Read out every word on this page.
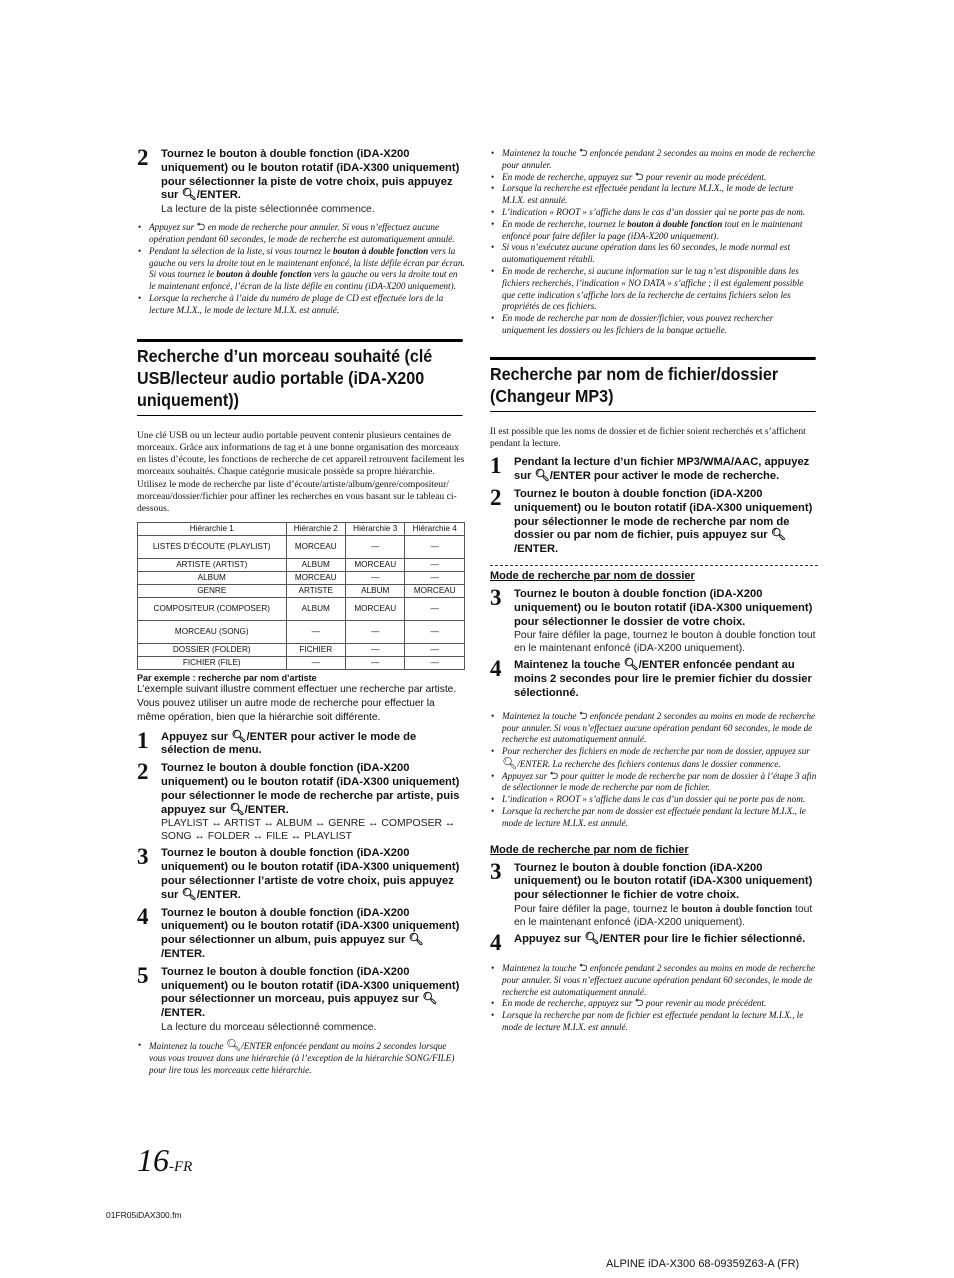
2	Tournez le bouton à double fonction (iDA-X200 uniquement) ou le bouton rotatif (iDA-X300 uniquement) pour sélectionner la piste de votre choix, puis appuyez sur 🔍︎/ENTER.
La lecture de la piste sélectionnée commence.
• Appuyez sur ⮌ en mode de recherche pour annuler. Si vous n’effectuez aucune opération pendant 60 secondes, le mode de recherche est automatiquement annulé.
• Pendant la sélection de la liste, si vous tournez le bouton à double fonction vers la gauche ou vers la droite tout en le maintenant enfoncé, la liste défile écran par écran. Si vous tournez le bouton à double fonction vers la gauche ou vers la droite tout en le maintenant enfoncé, l’écran de la liste défile en continu (iDA-X200 uniquement).
• Lorsque la recherche à l’aide du numéro de plage de CD est effectuée lors de la lecture M.I.X., le mode de lecture M.I.X. est annulé.
Recherche d’un morceau souhaité (clé USB/lecteur audio portable (iDA-X200 uniquement))
Une clé USB ou un lecteur audio portable peuvent contenir plusieurs centaines de morceaux. Grâce aux informations de tag et à une bonne organisation des morceaux en listes d’écoute, les fonctions de recherche de cet appareil retrouvent facilement les morceaux souhaités. Chaque catégorie musicale possède sa propre hiérarchie. Utilisez le mode de recherche par liste d’écoute/artiste/album/genre/compositeur/ morceau/dossier/fichier pour affiner les recherches en vous basant sur le tableau ci-dessous.
Hiérarchie 1	Hiérarchie 2	Hiérarchie 3	Hiérarchie 4
LISTES D’ÉCOUTE (PLAYLIST)	MORCEAU	—	—
ARTISTE (ARTIST)	ALBUM	MORCEAU	—
ALBUM	MORCEAU	—	—
GENRE	ARTISTE	ALBUM	MORCEAU
COMPOSITEUR (COMPOSER)	ALBUM	MORCEAU	—
MORCEAU (SONG)	—	—	—
DOSSIER (FOLDER)	FICHIER	—	—
FICHIER (FILE)	—	—	—
Par exemple : recherche par nom d’artiste
L’exemple suivant illustre comment effectuer une recherche par artiste. Vous pouvez utiliser un autre mode de recherche pour effectuer la même opération, bien que la hiérarchie soit différente.
1	Appuyez sur 🔍︎/ENTER pour activer le mode de sélection de menu.
2	Tournez le bouton à double fonction (iDA-X200 uniquement) ou le bouton rotatif (iDA-X300 uniquement) pour sélectionner le mode de recherche par artiste, puis appuyez sur 🔍︎/ENTER.
PLAYLIST ↔ ARTIST ↔ ALBUM ↔ GENRE ↔ COMPOSER ↔ SONG ↔ FOLDER ↔ FILE ↔ PLAYLIST
3	Tournez le bouton à double fonction (iDA-X200 uniquement) ou le bouton rotatif (iDA-X300 uniquement) pour sélectionner l’artiste de votre choix, puis appuyez sur 🔍︎/ENTER.
4	Tournez le bouton à double fonction (iDA-X200 uniquement) ou le bouton rotatif (iDA-X300 uniquement) pour sélectionner un album, puis appuyez sur 🔍︎/ENTER.
5	Tournez le bouton à double fonction (iDA-X200 uniquement) ou le bouton rotatif (iDA-X300 uniquement) pour sélectionner un morceau, puis appuyez sur 🔍︎/ENTER.
La lecture du morceau sélectionné commence.
• Maintenez la touche 🔍︎/ENTER enfoncée pendant au moins 2 secondes lorsque vous vous trouvez dans une hiérarchie (à l’exception de la hiérarchie SONG/FILE) pour lire tous les morceaux cette hiérarchie.
• Maintenez la touche ⮌ enfoncée pendant 2 secondes au moins en mode de recherche pour annuler.
• En mode de recherche, appuyez sur ⮌ pour revenir au mode précédent.
• Lorsque la recherche est effectuée pendant la lecture M.I.X., le mode de lecture M.I.X. est annulé.
• L’indication « ROOT » s’affiche dans le cas d’un dossier qui ne porte pas de nom.
• En mode de recherche, tournez le bouton à double fonction tout en le maintenant enfoncé pour faire défiler la page (iDA-X200 uniquement).
• Si vous n’exécutez aucune opération dans les 60 secondes, le mode normal est automatiquement rétabli.
• En mode de recherche, si aucune information sur le tag n’est disponible dans les fichiers recherchés, l’indication « NO DATA » s’affiche ; il est également possible que cette indication s’affiche lors de la recherche de certains fichiers selon les propriétés de ces fichiers.
• En mode de recherche par nom de dossier/fichier, vous pouvez rechercher uniquement les dossiers ou les fichiers de la banque actuelle.
Recherche par nom de fichier/dossier (Changeur MP3)
Il est possible que les noms de dossier et de fichier soient recherchés et s’affichent pendant la lecture.
1	Pendant la lecture d’un fichier MP3/WMA/AAC, appuyez sur 🔍︎/ENTER pour activer le mode de recherche.
2	Tournez le bouton à double fonction (iDA-X200 uniquement) ou le bouton rotatif (iDA-X300 uniquement) pour sélectionner le mode de recherche par nom de dossier ou par nom de fichier, puis appuyez sur 🔍︎/ENTER.
Mode de recherche par nom de dossier
3	Tournez le bouton à double fonction (iDA-X200 uniquement) ou le bouton rotatif (iDA-X300 uniquement) pour sélectionner le dossier de votre choix.
Pour faire défiler la page, tournez le bouton à double fonction tout en le maintenant enfoncé (iDA-X200 uniquement).
4	Maintenez la touche 🔍︎/ENTER enfoncée pendant au moins 2 secondes pour lire le premier fichier du dossier sélectionné.
• Maintenez la touche ⮌ enfoncée pendant 2 secondes au moins en mode de recherche pour annuler. Si vous n’effectuez aucune opération pendant 60 secondes, le mode de recherche est automatiquement annulé.
• Pour rechercher des fichiers en mode de recherche par nom de dossier, appuyez sur 🔍︎/ENTER. La recherche des fichiers contenus dans le dossier commence.
• Appuyez sur ⮌ pour quitter le mode de recherche par nom de dossier à l’étape 3 afin de sélectionner le mode de recherche par nom de fichier.
• L’indication « ROOT » s’affiche dans le cas d’un dossier qui ne porte pas de nom.
• Lorsque la recherche par nom de dossier est effectuée pendant la lecture M.I.X., le mode de lecture M.I.X. est annulé.
Mode de recherche par nom de fichier
3	Tournez le bouton à double fonction (iDA-X200 uniquement) ou le bouton rotatif (iDA-X300 uniquement) pour sélectionner le fichier de votre choix.
Pour faire défiler la page, tournez le bouton à double fonction tout en le maintenant enfoncé (iDA-X200 uniquement).
4	Appuyez sur 🔍︎/ENTER pour lire le fichier sélectionné.
• Maintenez la touche ⮌ enfoncée pendant 2 secondes au moins en mode de recherche pour annuler. Si vous n’effectuez aucune opération pendant 60 secondes, le mode de recherche est automatiquement annulé.
• En mode de recherche, appuyez sur ⮌ pour revenir au mode précédent.
• Lorsque la recherche par nom de fichier est effectuée pendant la lecture M.I.X., le mode de lecture M.I.X. est annulé.
16-FR
01FR05iDAX300.fm
ALPINE iDA-X300 68-09359Z63-A (FR)
